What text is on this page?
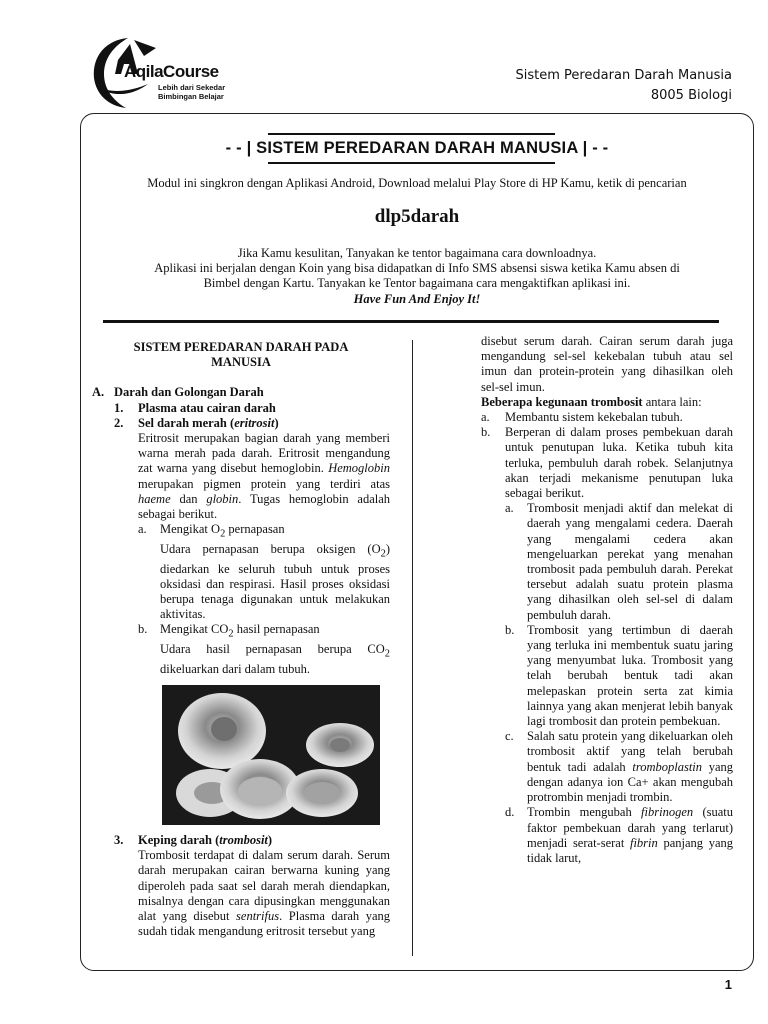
AqilaCourse
Lebih dari Sekedar
Bimbingan Belajar
Sistem Peredaran Darah Manusia
8005 Biologi
- - | SISTEM PEREDARAN DARAH MANUSIA | - -
Modul ini singkron dengan Aplikasi Android, Download melalui Play Store di HP Kamu, ketik di pencarian
dlp5darah
Jika Kamu kesulitan, Tanyakan ke tentor bagaimana cara downloadnya.
Aplikasi ini berjalan dengan Koin yang bisa didapatkan di Info SMS absensi siswa ketika Kamu absen di
Bimbel dengan Kartu. Tanyakan ke Tentor bagaimana cara mengaktifkan aplikasi ini.
Have Fun And Enjoy It!
SISTEM PEREDARAN DARAH PADA
MANUSIA
A. Darah dan Golongan Darah
1. Plasma atau cairan darah
2. Sel darah merah (eritrosit)
Eritrosit merupakan bagian darah yang memberi warna merah pada darah. Eritrosit mengandung zat warna yang disebut hemoglobin. Hemoglobin merupakan pigmen protein yang terdiri atas haeme dan globin. Tugas hemoglobin adalah sebagai berikut.
a. Mengikat $O_2$ pernapasan
Udara pernapasan berupa oksigen $(O_2)$ diedarkan ke seluruh tubuh untuk proses oksidasi dan respirasi. Hasil proses oksidasi berupa tenaga digunakan untuk melakukan aktivitas.
b. Mengikat $CO_2$ hasil pernapasan
Udara hasil pernapasan berupa $CO_2$ dikeluarkan dari dalam tubuh.
3. Keping darah (trombosit)
Trombosit terdapat di dalam serum darah. Serum darah merupakan cairan berwarna kuning yang diperoleh pada saat sel darah merah diendapkan, misalnya dengan cara dipusingkan menggunakan alat yang disebut sentrifus. Plasma darah yang sudah tidak mengandung eritrosit tersebut yang
disebut serum darah. Cairan serum darah juga mengandung sel-sel kekebalan tubuh atau sel imun dan protein-protein yang dihasilkan oleh sel-sel imun.
Beberapa kegunaan trombosit antara lain:
a. Membantu sistem kekebalan tubuh.
b. Berperan di dalam proses pembekuan darah untuk penutupan luka. Ketika tubuh kita terluka, pembuluh darah robek. Selanjutnya akan terjadi mekanisme penutupan luka sebagai berikut.
a. Trombosit menjadi aktif dan melekat di daerah yang mengalami cedera. Daerah yang mengalami cedera akan mengeluarkan perekat yang menahan trombosit pada pembuluh darah. Perekat tersebut adalah suatu protein plasma yang dihasilkan oleh sel-sel di dalam pembuluh darah.
b. Trombosit yang tertimbun di daerah yang terluka ini membentuk suatu jaring yang menyumbat luka. Trombosit yang telah berubah bentuk tadi akan melepaskan protein serta zat kimia lainnya yang akan menjerat lebih banyak lagi trombosit dan protein pembekuan.
c. Salah satu protein yang dikeluarkan oleh trombosit aktif yang telah berubah bentuk tadi adalah tromboplastin yang dengan adanya ion Ca+ akan mengubah protrombin menjadi trombin.
d. Trombin mengubah fibrinogen (suatu faktor pembekuan darah yang terlarut) menjadi serat-serat fibrin panjang yang tidak larut,
1
